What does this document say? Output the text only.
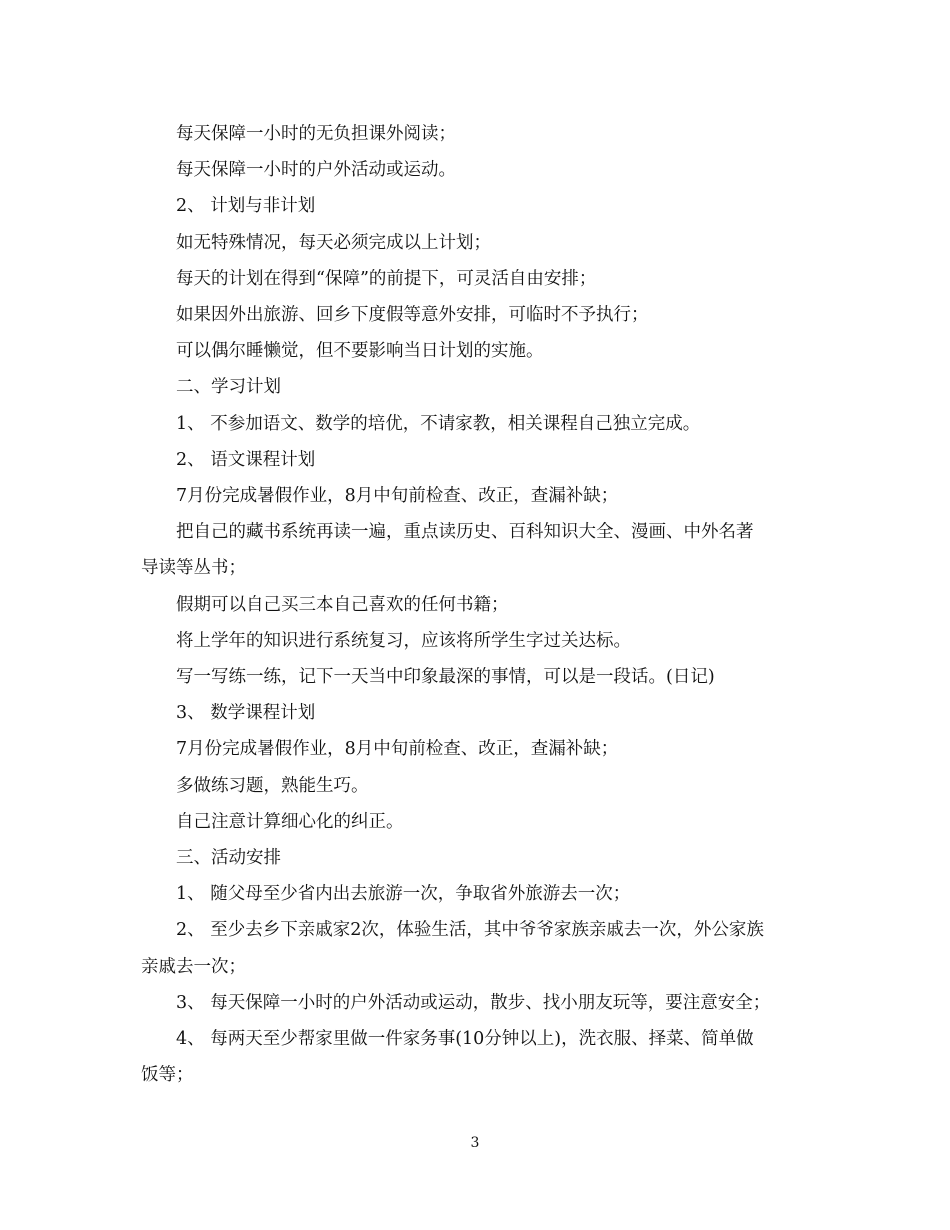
每天保障一小时的无负担课外阅读；

每天保障一小时的户外活动或运动。

2、 计划与非计划

如无特殊情况，每天必须完成以上计划；

每天的计划在得到“保障”的前提下，可灵活自由安排；

如果因外出旅游、回乡下度假等意外安排，可临时不予执行；

可以偶尔睡懒觉，但不要影响当日计划的实施。

二、学习计划

1、 不参加语文、数学的培优，不请家教，相关课程自己独立完成。

2、 语文课程计划

7月份完成暑假作业，8月中旬前检查、改正，查漏补缺；

把自己的藏书系统再读一遍，重点读历史、百科知识大全、漫画、中外名著

导读等丛书；

假期可以自己买三本自己喜欢的任何书籍；

将上学年的知识进行系统复习，应该将所学生字过关达标。

写一写练一练，记下一天当中印象最深的事情，可以是一段话。(日记)

3、 数学课程计划

7月份完成暑假作业，8月中旬前检查、改正，查漏补缺；

多做练习题，熟能生巧。

自己注意计算细心化的纠正。

三、活动安排

1、 随父母至少省内出去旅游一次，争取省外旅游去一次；

2、 至少去乡下亲戚家2次，体验生活，其中爷爷家族亲戚去一次，外公家族

亲戚去一次；

3、 每天保障一小时的户外活动或运动，散步、找小朋友玩等，要注意安全；

4、 每两天至少帮家里做一件家务事(10分钟以上)，洗衣服、择菜、简单做

饭等；

3
